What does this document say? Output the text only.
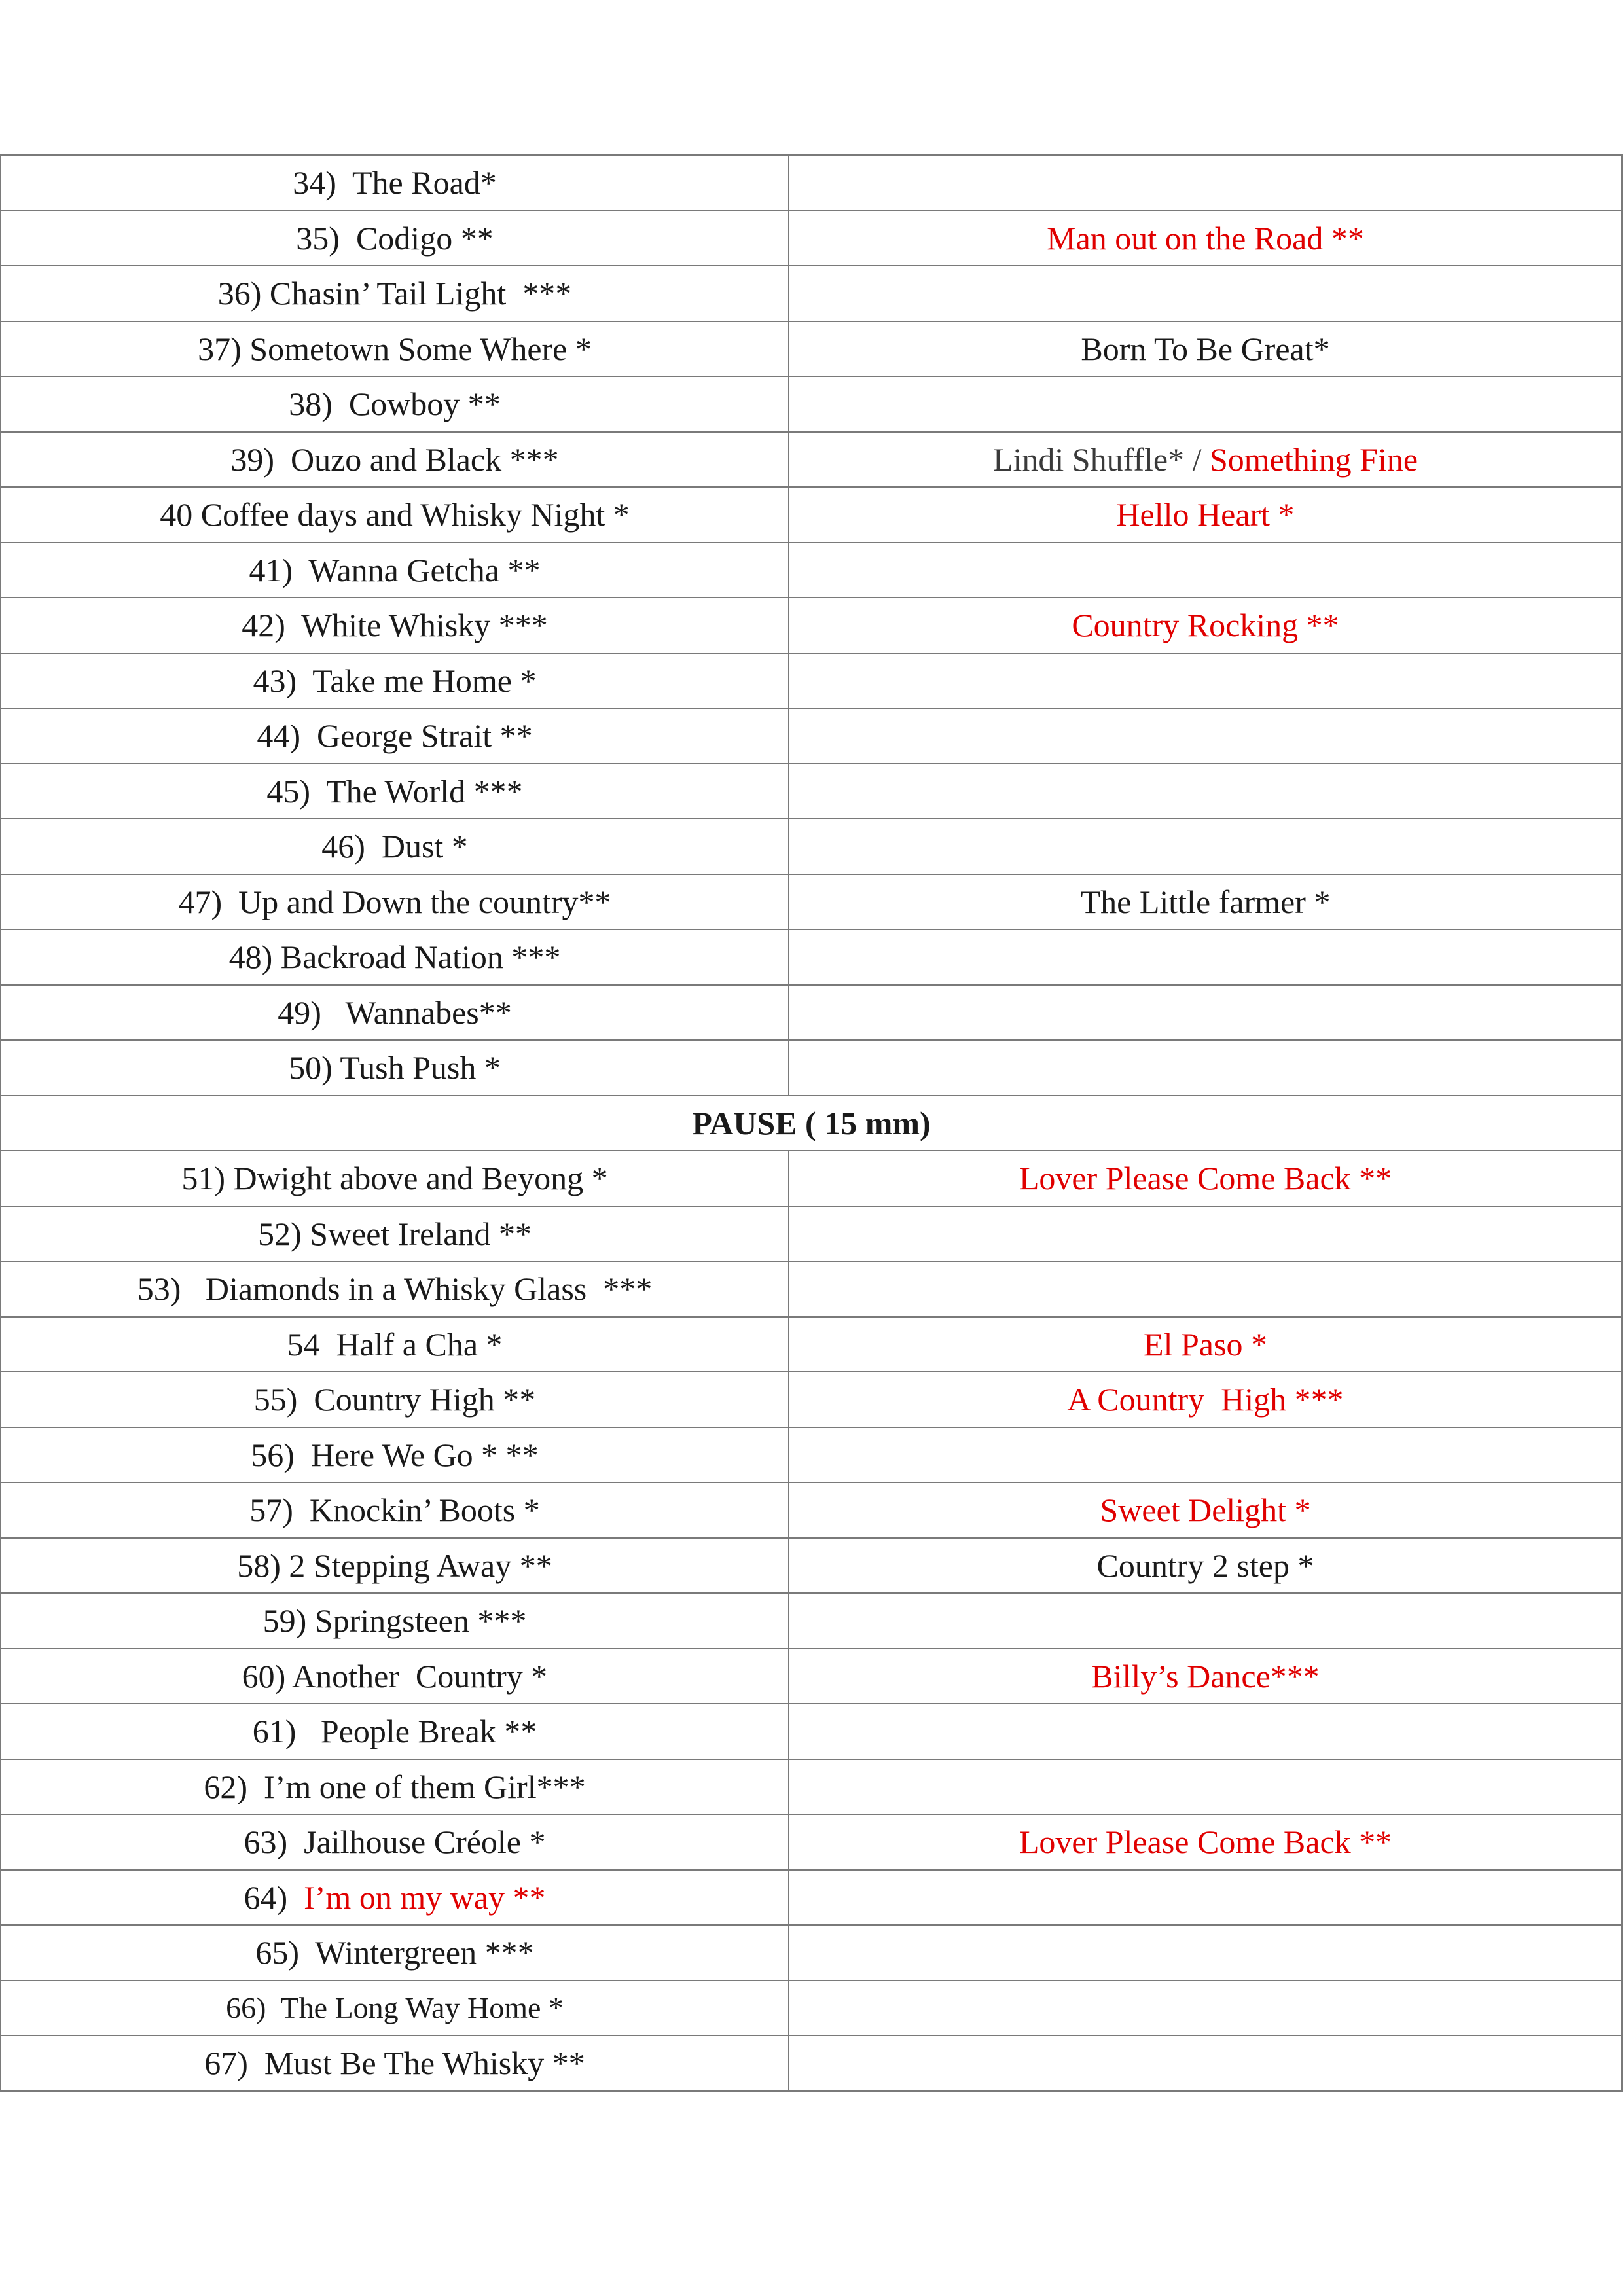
34)  The Road*	
35)  Codigo **	Man out on the Road **
36) Chasin’ Tail Light  ***	
37) Sometown Some Where *	Born To Be Great*
38)  Cowboy **	
39)  Ouzo and Black ***	Lindi Shuffle* / Something Fine
40 Coffee days and Whisky Night *	Hello Heart *
41)  Wanna Getcha **	
42)  White Whisky ***	Country Rocking **
43)  Take me Home *	
44)  George Strait **	
45)  The World ***	
46)  Dust *	
47)  Up and Down the country**	The Little farmer *
48) Backroad Nation ***	
49)   Wannabes**	
50) Tush Push *	
PAUSE ( 15 mm)	
51) Dwight above and Beyong *	Lover Please Come Back **
52) Sweet Ireland **	
53)   Diamonds in a Whisky Glass  ***	
54  Half a Cha *	El Paso *
55)  Country High **	A Country  High ***
56)  Here We Go * **	
57)  Knockin’ Boots *	Sweet Delight *
58) 2 Stepping Away **	Country 2 step *
59) Springsteen ***	
60) Another  Country *	Billy’s Dance***
61)   People Break **	
62)  I’m one of them Girl***	
63)  Jailhouse Créole *	Lover Please Come Back **
64)  I’m on my way **	
65)  Wintergreen ***	
66)  The Long Way Home *	
67)  Must Be The Whisky **	
